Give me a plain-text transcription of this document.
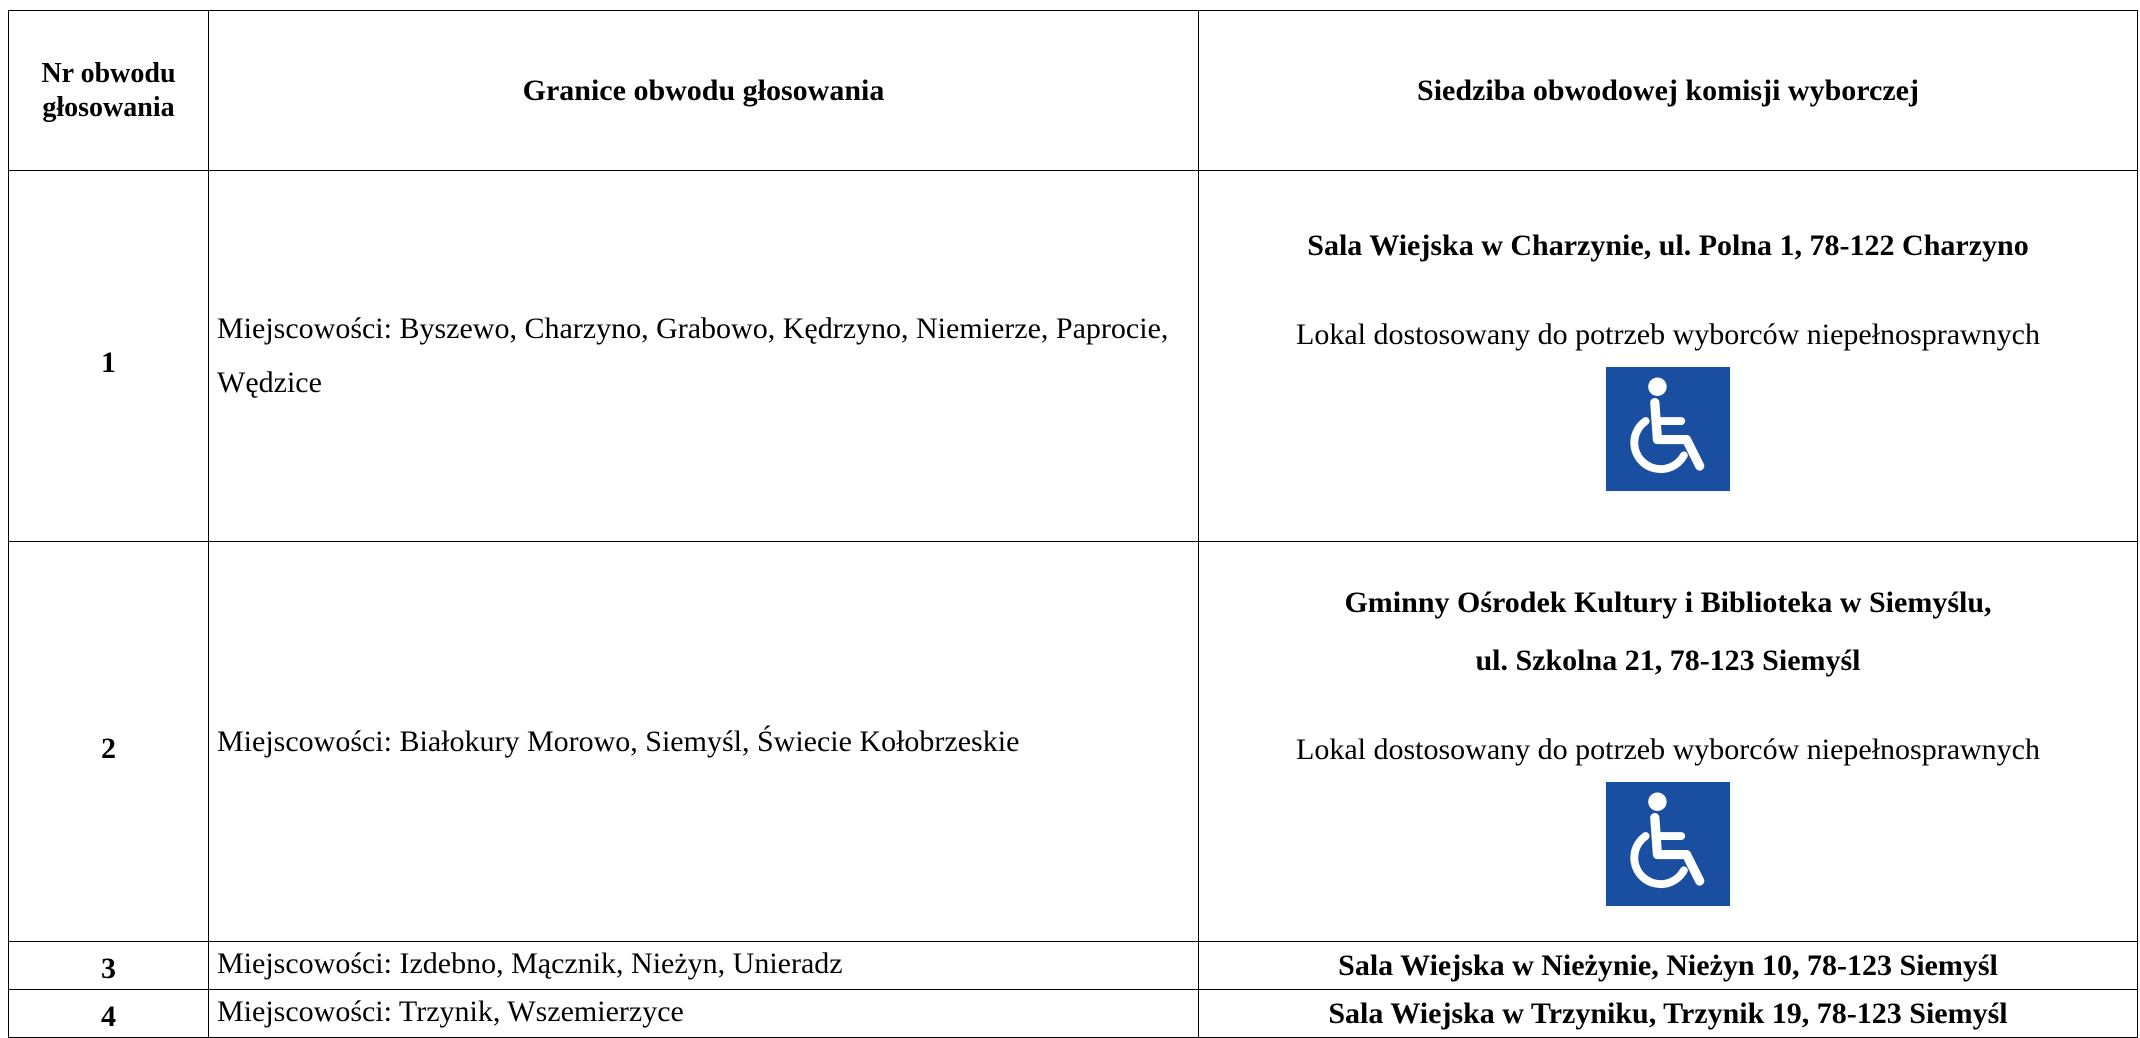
Nr obwodu
głosowania	Granice obwodu głosowania	Siedziba obwodowej komisji wyborczej
1	Miejscowości: Byszewo, Charzyno, Grabowo, Kędrzyno, Niemierze, Paprocie, Wędzice	Sala Wiejska w Charzynie, ul. Polna 1, 78-122 Charzyno
Lokal dostosowany do potrzeb wyborców niepełnosprawnych

2	Miejscowości: Białokury Morowo, Siemyśl, Świecie Kołobrzeskie	Gminny Ośrodek Kultury i Biblioteka w Siemyślu,
ul. Szkolna 21, 78-123 Siemyśl
Lokal dostosowany do potrzeb wyborców niepełnosprawnych

3	Miejscowości: Izdebno, Mącznik, Nieżyn, Unieradz	Sala Wiejska w Nieżynie, Nieżyn 10, 78-123 Siemyśl

4	Miejscowości: Trzynik, Wszemierzyce	Sala Wiejska w Trzyniku, Trzynik 19, 78-123 Siemyśl
